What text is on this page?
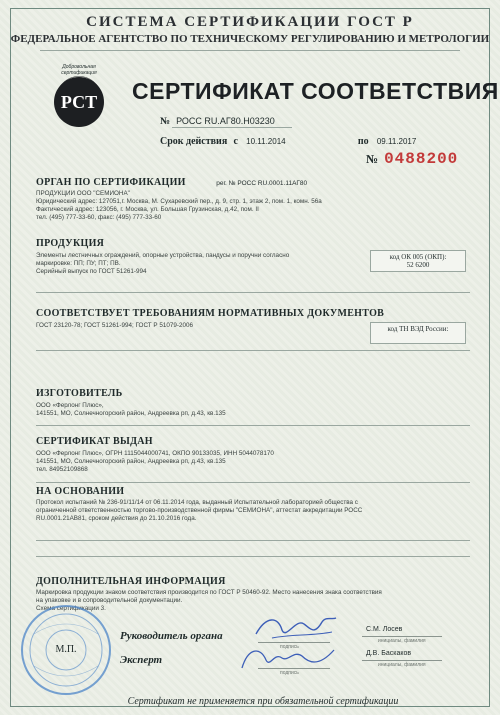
СИСТЕМА СЕРТИФИКАЦИИ ГОСТ Р
ФЕДЕРАЛЬНОЕ АГЕНТСТВО ПО ТЕХНИЧЕСКОМУ РЕГУЛИРОВАНИЮ И МЕТРОЛОГИИ
РСТ
Добровольная сертификация
СЕРТИФИКАТ СООТВЕТСТВИЯ
№ РОСС RU.АГ80.Н03230
Срок действия с 10.11.2014	по 09.11.2017
№ 0488200
ОРГАН ПО СЕРТИФИКАЦИИ	рег. № РОСС RU.0001.11АГ80
ПРОДУКЦИИ ООО "СЕМИОНА"
Юридический адрес: 127051,г. Москва, М. Сухаревский пер., д. 9, стр. 1, этаж 2, пом. 1, комн. 56а
Фактический адрес: 123056, г. Москва, ул. Большая Грузинская, д.42, пом. II
тел. (495) 777-33-60, факс: (495) 777-33-60
ПРОДУКЦИЯ
Элементы лестничных ограждений, опорные устройства, пандусы и поручни согласно
маркировке: ПП; ПУ; ПТ; ПВ.
Серийный выпуск по ГОСТ 51261-994
код ОК 005 (ОКП):
52 6200
СООТВЕТСТВУЕТ ТРЕБОВАНИЯМ НОРМАТИВНЫХ ДОКУМЕНТОВ
ГОСТ 23120-78; ГОСТ 51261-994; ГОСТ Р 51079-2006	код ТН ВЭД России:
ИЗГОТОВИТЕЛЬ
ООО «Ферлонг Плюс»,
141551, МО, Солнечногорский район, Андреевка рп, д.43, кв.135
СЕРТИФИКАТ ВЫДАН
ООО «Ферлонг Плюс», ОГРН 1115044000741, ОКПО 90133035, ИНН 5044078170
141551, МО, Солнечногорский район, Андреевка рп, д.43, кв.135
тел. 84952109868
НА ОСНОВАНИИ
Протокол испытаний № 236-91/11/14 от 06.11.2014 года, выданный Испытательной лабораторией общества с
ограниченной ответственностью торгово-производственной фирмы "СЕМИОНА", аттестат аккредитации РОСС
RU.0001.21АВ81, сроком действия до 21.10.2016 года.
ДОПОЛНИТЕЛЬНАЯ ИНФОРМАЦИЯ
Маркировка продукции знаком соответствия производится по ГОСТ Р 50460-92. Место нанесения знака соответствия
на упаковке и в сопроводительной документации.
Схема сертификации 3.
М.П.
Руководитель органа
подпись
С.М. Лосев
инициалы, фамилия
Эксперт
подпись
Д.В. Баскаков
инициалы, фамилия
Сертификат не применяется при обязательной сертификации
